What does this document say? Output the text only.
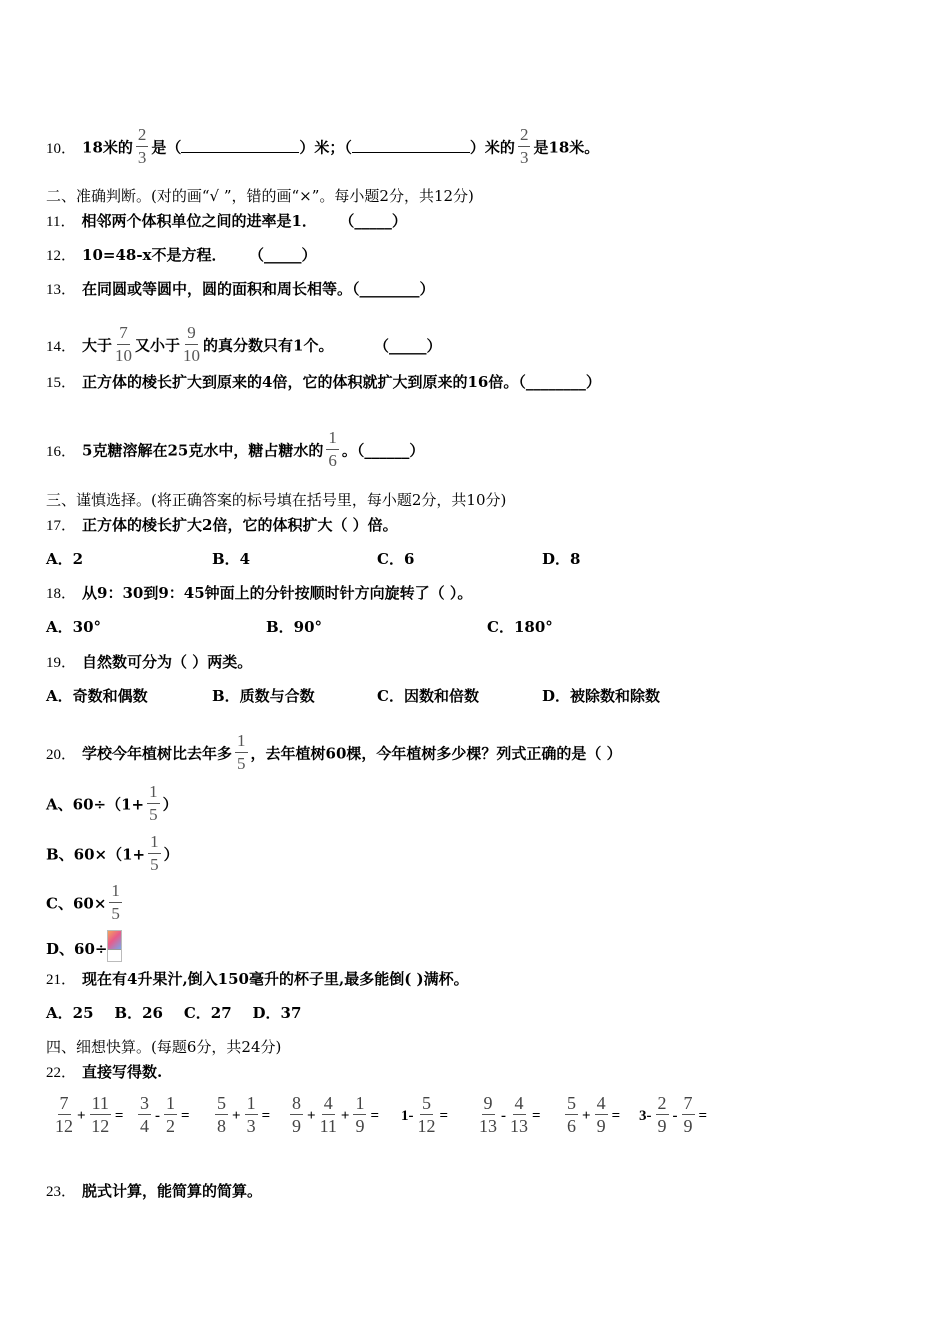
10． 18米的 $\frac{2}{3}$ 是（	）米；（	）米的 $\frac{2}{3}$ 是18米。
二、准确判断。(对的画“√ ”，错的画“×”。每小题2分，共12分)
11． 相邻两个体积单位之间的进率是1． （_____）
12． 10=48-x不是方程． （_____）
13． 在同圆或等圆中，圆的面积和周长相等。（________）
14． 大于 $\frac{7}{10}$ 又小于 $\frac{9}{10}$ 的真分数只有1个。	（_____）
15． 正方体的棱长扩大到原来的4倍，它的体积就扩大到原来的16倍。（________）
16． 5克糖溶解在25克水中，糖占糖水的 $\frac{1}{6}$ 。（______）
三、谨慎选择。(将正确答案的标号填在括号里，每小题2分，共10分)
17． 正方体的棱长扩大2倍，它的体积扩大（ ）倍。
A．2	B．4	C．6	D．8
18． 从9：30到9：45钟面上的分针按顺时针方向旋转了（ ）。
A．30°	B．90°	C．180°
19． 自然数可分为（ ）两类。
A．奇数和偶数	B．质数与合数	C．因数和倍数	D．被除数和除数
20． 学校今年植树比去年多 $\frac{1}{5}$ ，去年植树60棵，今年植树多少棵？列式正确的是（ ）
A、$60\div(1+ \frac{1}{5}$ ）
B、$60\times(1+ \frac{1}{5}$ ）
C、$60\times \frac{1}{5}$
D、60÷
21． 现在有4升果汁,倒入150毫升的杯子里,最多能倒( )满杯。
A．25    B．26    C．27    D．37
四、细想快算。(每题6分，共24分)
22． 直接写得数.
$\frac{7}{12} + \frac{11}{12} = \frac{3}{4} - \frac{1}{2} = \frac{5}{8} + \frac{1}{3} = \frac{8}{9} + \frac{4}{11} + \frac{1}{9} = 1- \frac{5}{12} = \frac{9}{13} - \frac{4}{13} = \frac{5}{6} + \frac{4}{9} = 3- \frac{2}{9} - \frac{7}{9}$ =
23． 脱式计算，能简算的简算。
